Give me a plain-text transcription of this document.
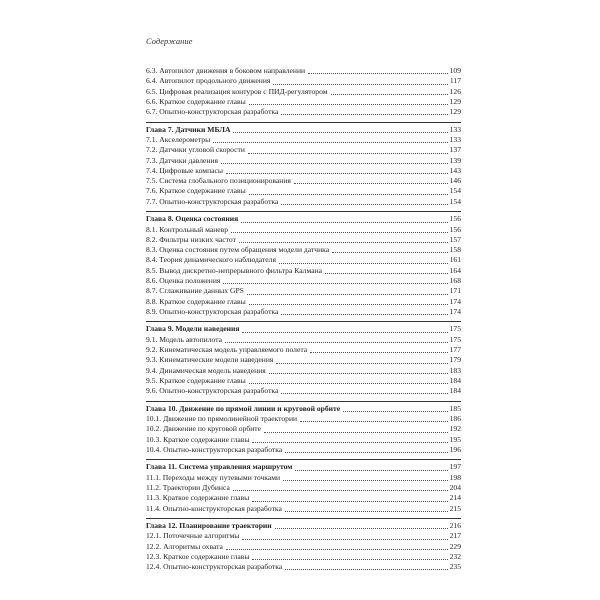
Содержание
6.3. Автопилот движения в боковом направлении	109
6.4. Автопилот продольного движения	117
6.5. Цифровая реализация контуров с ПИД-регулятором	126
6.6. Краткое содержание главы	129
6.7. Опытно-конструкторская разработка	129
Глава 7. Датчики МБЛА	133
7.1. Акселерометры	133
7.2. Датчики угловой скорости	137
7.3. Датчики давления	139
7.4. Цифровые компасы	143
7.5. Система глобального позиционирования	146
7.6. Краткое содержание главы	154
7.7. Опытно-конструкторская разработка	154
Глава 8. Оценка состояния	156
8.1. Контрольный маневр	156
8.2. Фильтры низких частот	157
8.3. Оценка состояния путем обращения модели датчика	158
8.4. Теория динамического наблюдателя	161
8.5. Вывод дискретно-непрерывного фильтра Калмана	164
8.6. Оценка положения	168
8.7. Сглаживание данных GPS	171
8.8. Краткое содержание главы	174
8.9. Опытно-конструкторская разработка	174
Глава 9. Модели наведения	175
9.1. Модель автопилота	175
9.2. Кинематическая модель управляемого полета	177
9.3. Кинематические модели наведения	179
9.4. Динамическая модель наведения	183
9.5. Краткое содержание главы	184
9.6. Опытно-конструкторская разработка	184
Глава 10. Движение по прямой линии и круговой орбите	185
10.1. Движение по прямолинейной траектории	186
10.2. Движение по круговой орбите	192
10.3. Краткое содержание главы	195
10.4. Опытно-конструкторская разработка	196
Глава 11. Система управления маршрутом	197
11.1. Переходы между путевыми точками	198
11.2. Траектории Дубинса	204
11.3. Краткое содержание главы	214
11.4. Опытно-конструкторская разработка	215
Глава 12. Планирование траектории	216
12.1. Поточечные алгоритмы	217
12.2. Алгоритмы охвата	229
12.3. Краткое содержание главы	232
12.4. Опытно-конструкторская разработка	235
